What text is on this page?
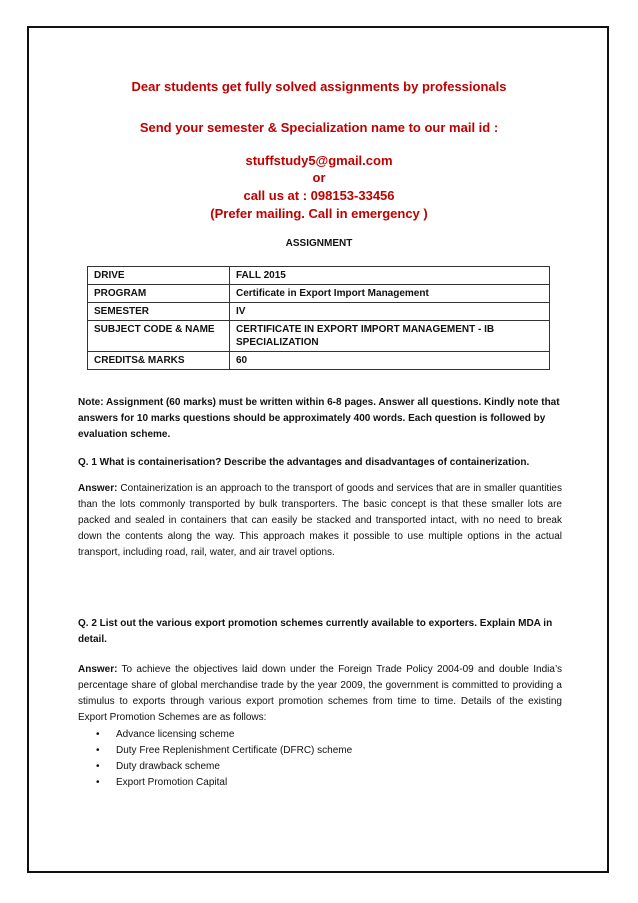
Dear students get fully solved assignments by professionals
Send your semester & Specialization name to our mail id :
stuffstudy5@gmail.com
or
call us at : 098153-33456
(Prefer mailing. Call in emergency )
ASSIGNMENT
DRIVE	FALL 2015
PROGRAM	Certificate in Export Import Management
SEMESTER	IV
SUBJECT CODE & NAME	CERTIFICATE IN EXPORT IMPORT MANAGEMENT - IB SPECIALIZATION
CREDITS& MARKS	60
Note: Assignment (60 marks) must be written within 6-8 pages. Answer all questions. Kindly note that answers for 10 marks questions should be approximately 400 words. Each question is followed by evaluation scheme.
Q. 1 What is containerisation? Describe the advantages and disadvantages of containerization.
Answer: Containerization is an approach to the transport of goods and services that are in smaller quantities than the lots commonly transported by bulk transporters. The basic concept is that these smaller lots are packed and sealed in containers that can easily be stacked and transported intact, with no need to break down the contents along the way. This approach makes it possible to use multiple options in the actual transport, including road, rail, water, and air travel options.
Q. 2 List out the various export promotion schemes currently available to exporters. Explain MDA in detail.
Answer: To achieve the objectives laid down under the Foreign Trade Policy 2004-09 and double India’s percentage share of global merchandise trade by the year 2009, the government is committed to providing a stimulus to exports through various export promotion schemes from time to time. Details of the existing Export Promotion Schemes are as follows:
• Advance licensing scheme
• Duty Free Replenishment Certificate (DFRC) scheme
• Duty drawback scheme
• Export Promotion Capital
